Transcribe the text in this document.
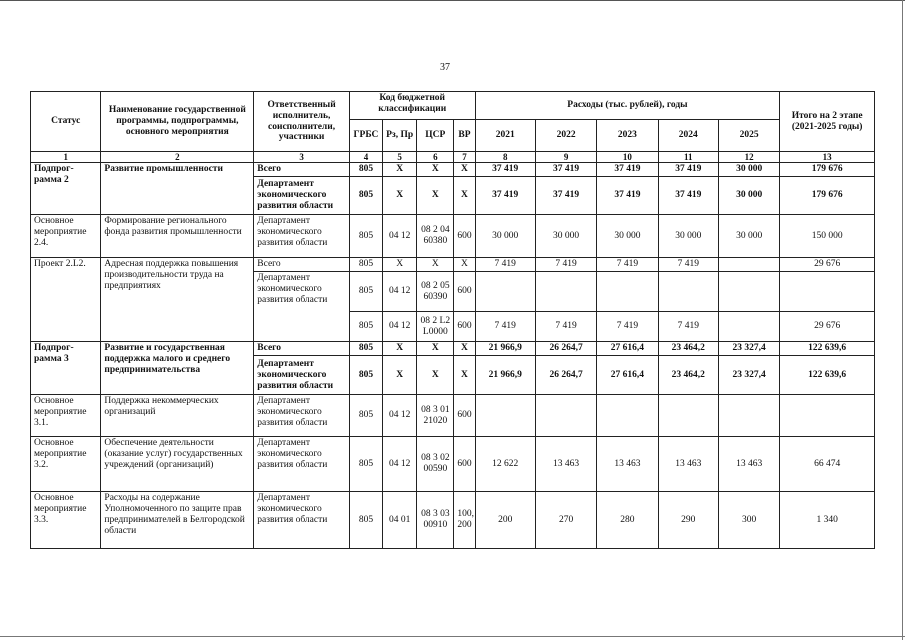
37
Статус	Наименование государственной программы, подпрограммы, основного мероприятия	Ответственный исполнитель, соисполнители, участники	Код бюджетной классификации				Расходы (тыс. рублей), годы					Итого на 2 этапе (2021-2025 годы)
			ГРБС	Рз, Пр	ЦСР	ВР	2021	2022	2023	2024	2025	
1	2	3	4	5	6	7	8	9	10	11	12	13
Подпрог-рамма 2	Развитие промышленности	Всего	805	Х	Х	Х	37 419	37 419	37 419	37 419	30 000	179 676
		Департамент экономического развития области	805	Х	Х	Х	37 419	37 419	37 419	37 419	30 000	179 676
Основное мероприятие 2.4.	Формирование регионального фонда развития промышленности	Департамент экономического развития области	805	04 12	08 2 04 60380	600	30 000	30 000	30 000	30 000	30 000	150 000
Проект 2.L2.	Адресная поддержка повышения производительности труда на предприятиях	Всего	805	Х	Х	Х	7 419	7 419	7 419	7 419		29 676
		Департамент экономического развития области	805	04 12	08 2 05 60390	600						
			805	04 12	08 2 L2 L0000	600	7 419	7 419	7 419	7 419		29 676
Подпрог-рамма 3	Развитие и государственная поддержка малого и среднего предпринимательства	Всего	805	Х	Х	Х	21 966,9	26 264,7	27 616,4	23 464,2	23 327,4	122 639,6
		Департамент экономического развития области	805	Х	Х	Х	21 966,9	26 264,7	27 616,4	23 464,2	23 327,4	122 639,6
Основное мероприятие 3.1.	Поддержка некоммерческих организаций	Департамент экономического развития области	805	04 12	08 3 01 21020	600						
Основное мероприятие 3.2.	Обеспечение деятельности (оказание услуг) государственных учреждений (организаций)	Департамент экономического развития области	805	04 12	08 3 02 00590	600	12 622	13 463	13 463	13 463	13 463	66 474
Основное мероприятие 3.3.	Расходы на содержание Уполномоченного по защите прав предпринимателей в Белгородской области	Департамент экономического развития области	805	04 01	08 3 03 00910	100, 200	200	270	280	290	300	1 340
